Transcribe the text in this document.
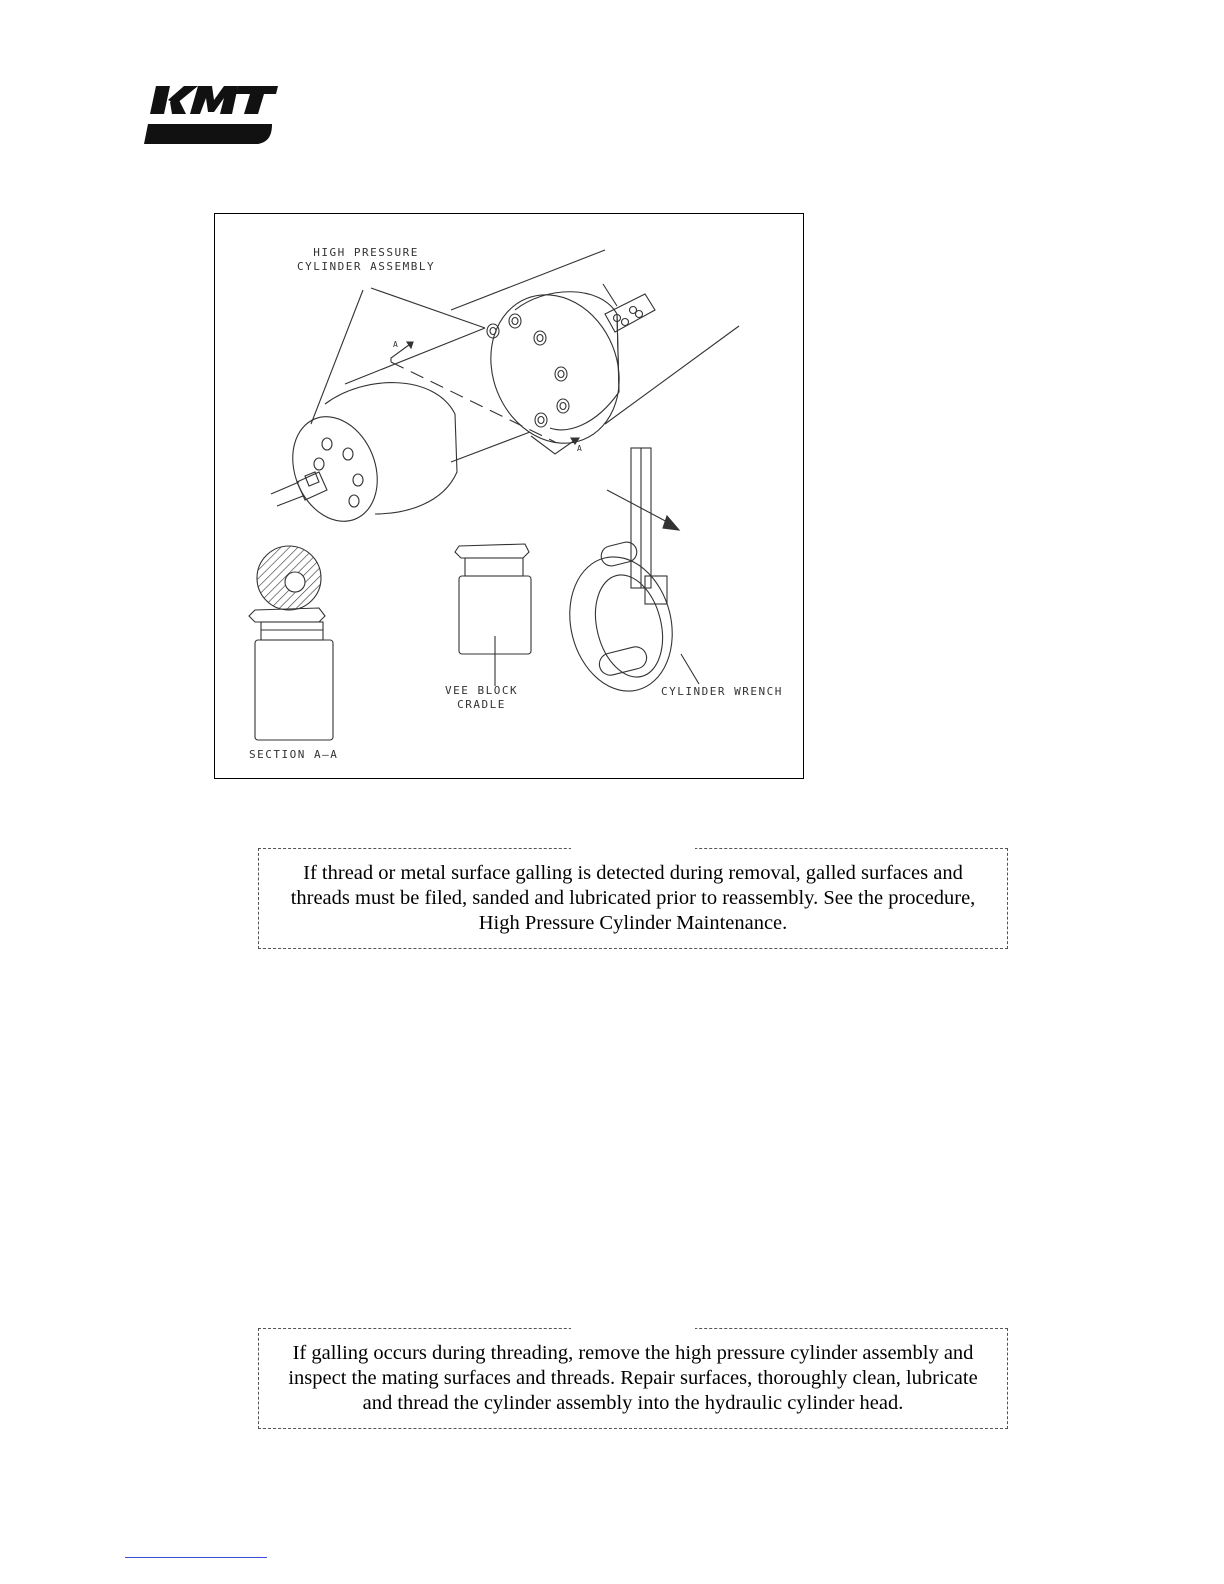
HIGH PRESSURE
CYLINDER ASSEMBLY
A
A
SECTION A–A
VEE BLOCK
CRADLE
CYLINDER WRENCH
If thread or metal surface galling is detected during removal, galled surfaces and threads must be filed, sanded and lubricated prior to reassembly. See the procedure, High Pressure Cylinder Maintenance.
If galling occurs during threading, remove the high pressure cylinder assembly and inspect the mating surfaces and threads. Repair surfaces, thoroughly clean, lubricate and thread the cylinder assembly into the hydraulic cylinder head.
